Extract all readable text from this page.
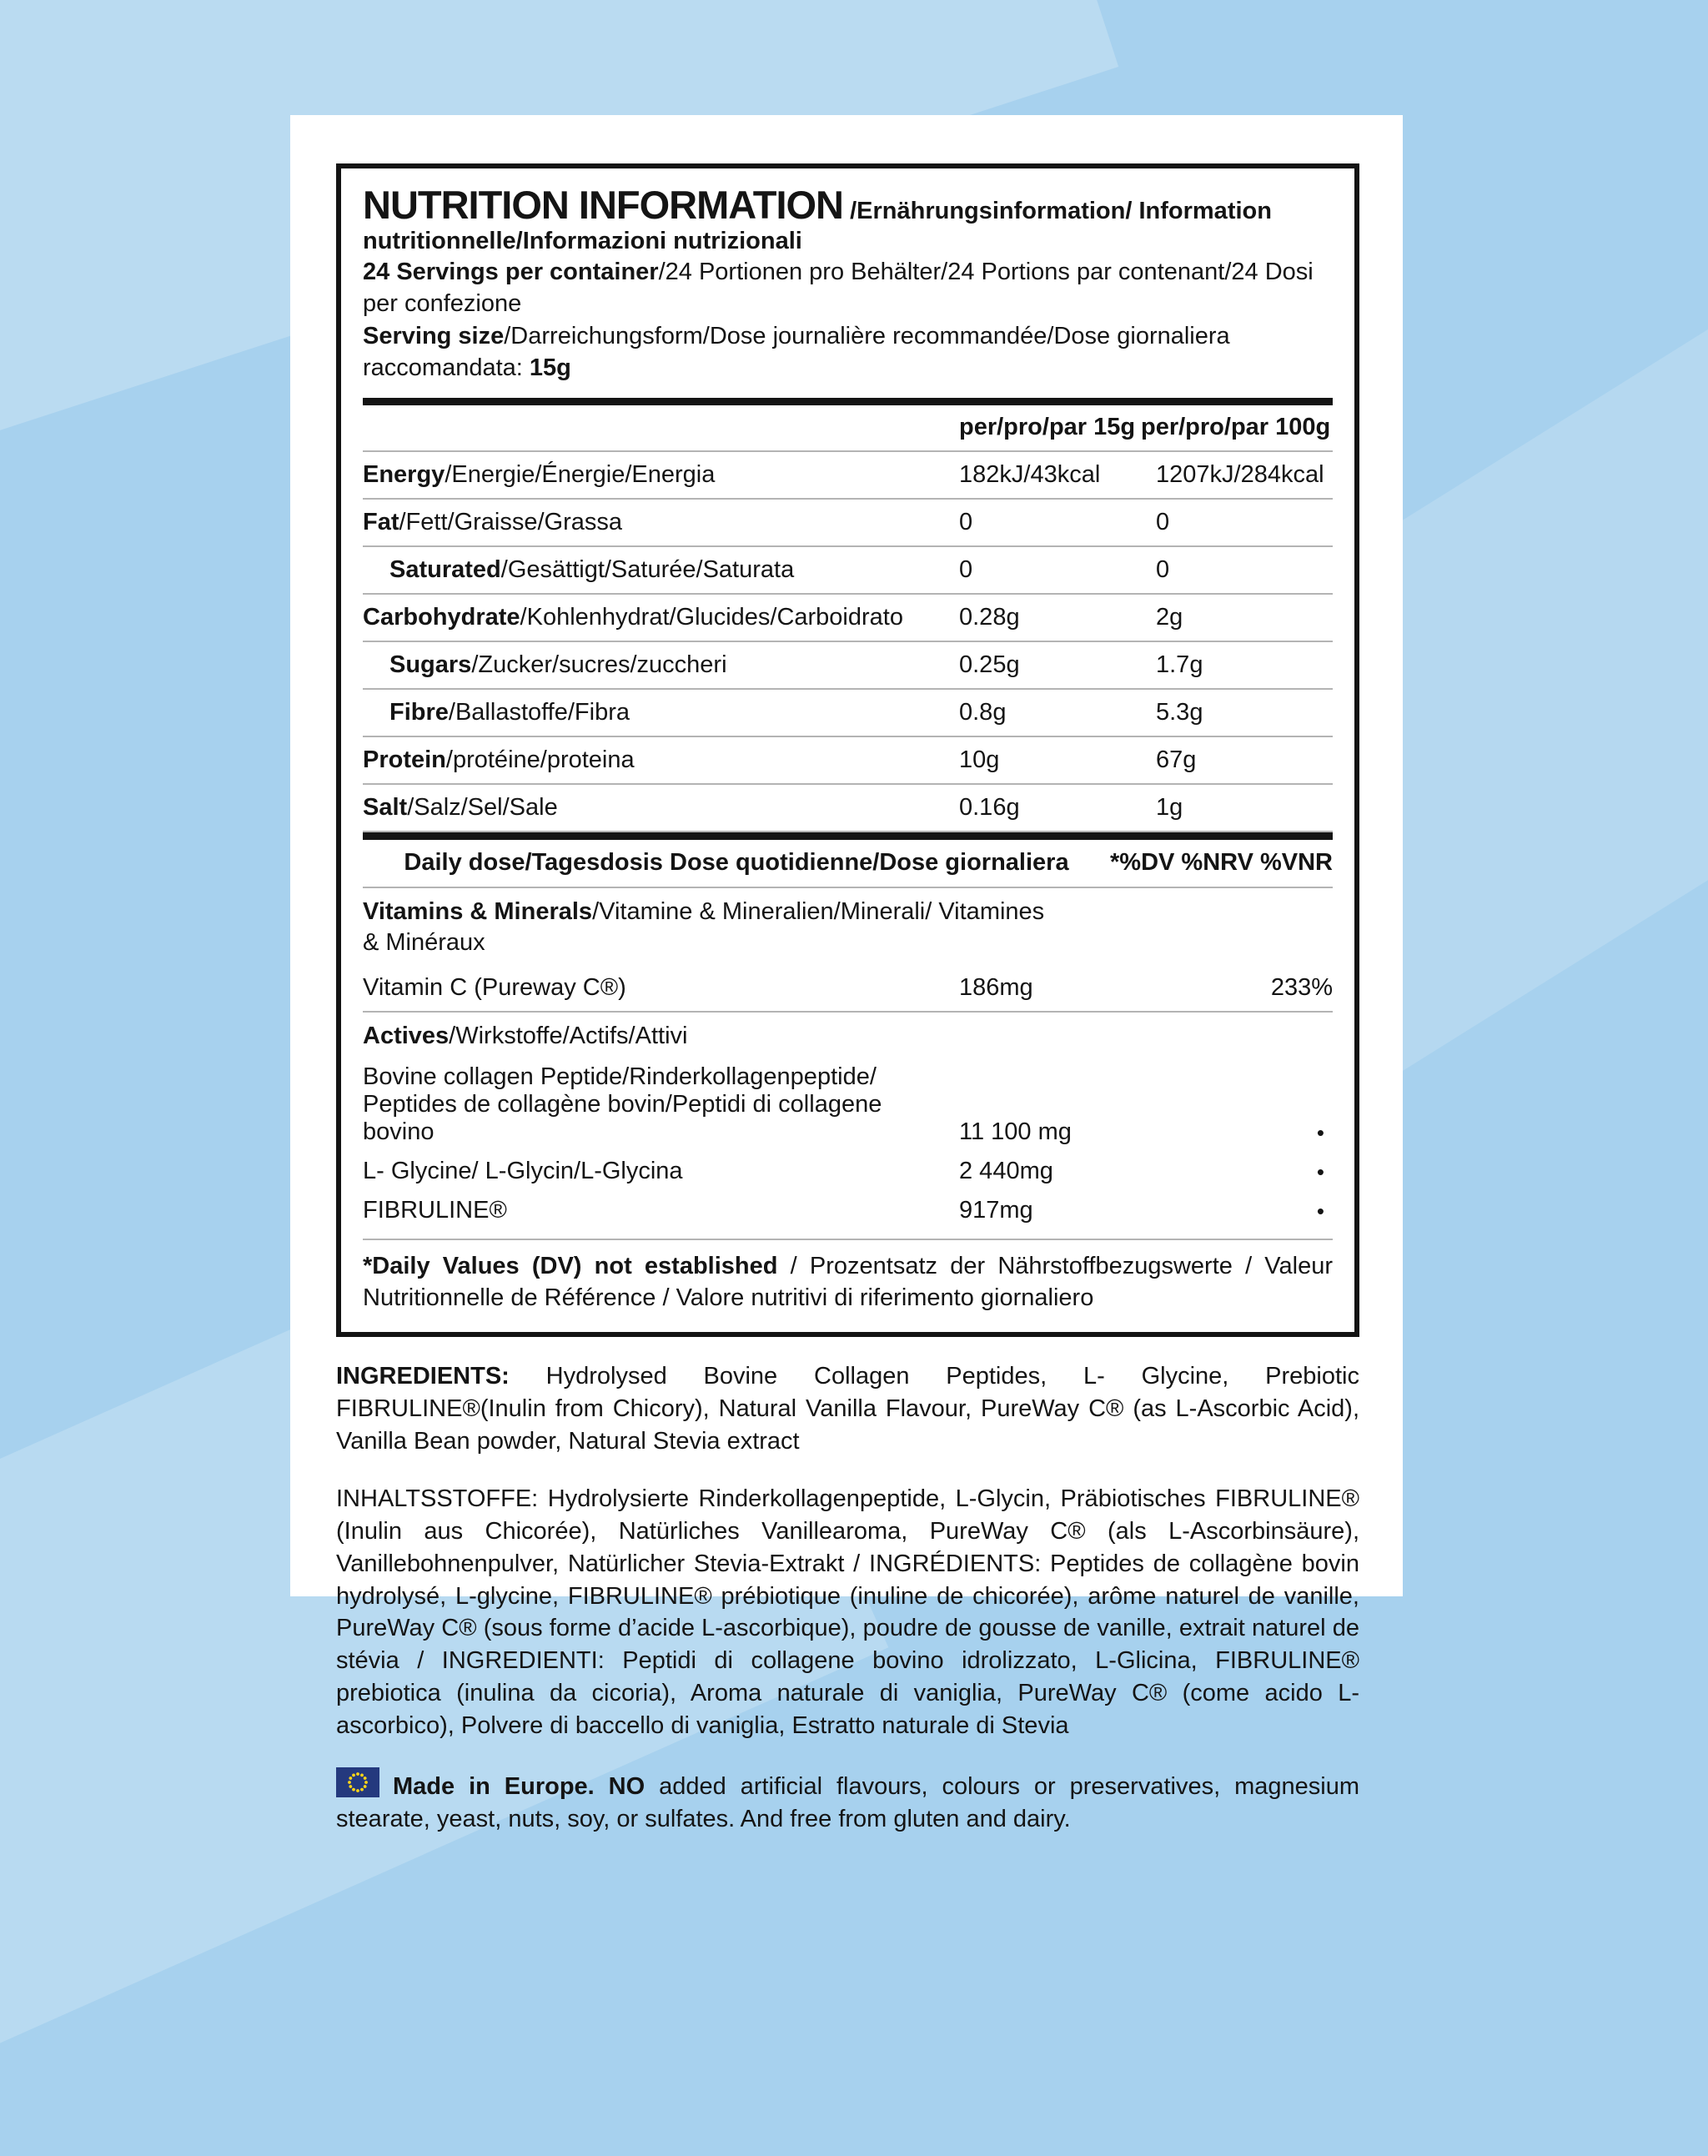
NUTRITION INFORMATION /Ernährungsinformation/ Information nutritionnelle/Informazioni nutrizionali
24 Servings per container/24 Portionen pro Behälter/24 Portions par contenant/24 Dosi per confezione
Serving size/Darreichungsform/Dose journalière recommandée/Dose giornaliera raccomandata: 15g
per/pro/par 15g per/pro/par 100g
Energy/Energie/Énergie/Energia	182kJ/43kcal	1207kJ/284kcal
Fat/Fett/Graisse/Grassa	0	0
Saturated/Gesättigt/Saturée/Saturata	0	0
Carbohydrate/Kohlenhydrat/Glucides/Carboidrato	0.28g	2g
Sugars/Zucker/sucres/zuccheri	0.25g	1.7g
Fibre/Ballastoffe/Fibra	0.8g	5.3g
Protein/protéine/proteina	10g	67g
Salt/Salz/Sel/Sale	0.16g	1g
Daily dose/Tagesdosis Dose quotidienne/Dose giornaliera	*%DV %NRV %VNR
Vitamins & Minerals/Vitamine & Mineralien/Minerali/ Vitamines & Minéraux
Vitamin C (Pureway C®)	186mg	233%
Actives/Wirkstoffe/Actifs/Attivi
Bovine collagen Peptide/Rinderkollagenpeptide/ Peptides de collagène bovin/Peptidi di collagene bovino	11 100 mg	•
L- Glycine/ L-Glycin/L-Glycina	2 440mg	•
FIBRULINE®	917mg	•
*Daily Values (DV) not established / Prozentsatz der Nährstoffbezugswerte / Valeur Nutritionnelle de Référence / Valore nutritivi di riferimento giornaliero
INGREDIENTS: Hydrolysed Bovine Collagen Peptides, L- Glycine, Prebiotic FIBRULINE®(Inulin from Chicory), Natural Vanilla Flavour, PureWay C® (as L-Ascorbic Acid), Vanilla Bean powder, Natural Stevia extract
INHALTSSTOFFE: Hydrolysierte Rinderkollagenpeptide, L-Glycin, Präbiotisches FIBRULINE® (Inulin aus Chicorée), Natürliches Vanillearoma, PureWay C® (als L-Ascorbinsäure), Vanillebohnenpulver, Natürlicher Stevia-Extrakt / INGRÉDIENTS: Peptides de collagène bovin hydrolysé, L-glycine, FIBRULINE® prébiotique (inuline de chicorée), arôme naturel de vanille, PureWay C® (sous forme d’acide L-ascorbique), poudre de gousse de vanille, extrait naturel de stévia / INGREDIENTI: Peptidi di collagene bovino idrolizzato, L-Glicina, FIBRULINE® prebiotica (inulina da cicoria), Aroma naturale di vaniglia, PureWay C® (come acido L-ascorbico), Polvere di baccello di vaniglia, Estratto naturale di Stevia
Made in Europe. NO added artificial flavours, colours or preservatives, magnesium stearate, yeast, nuts, soy, or sulfates. And free from gluten and dairy.
